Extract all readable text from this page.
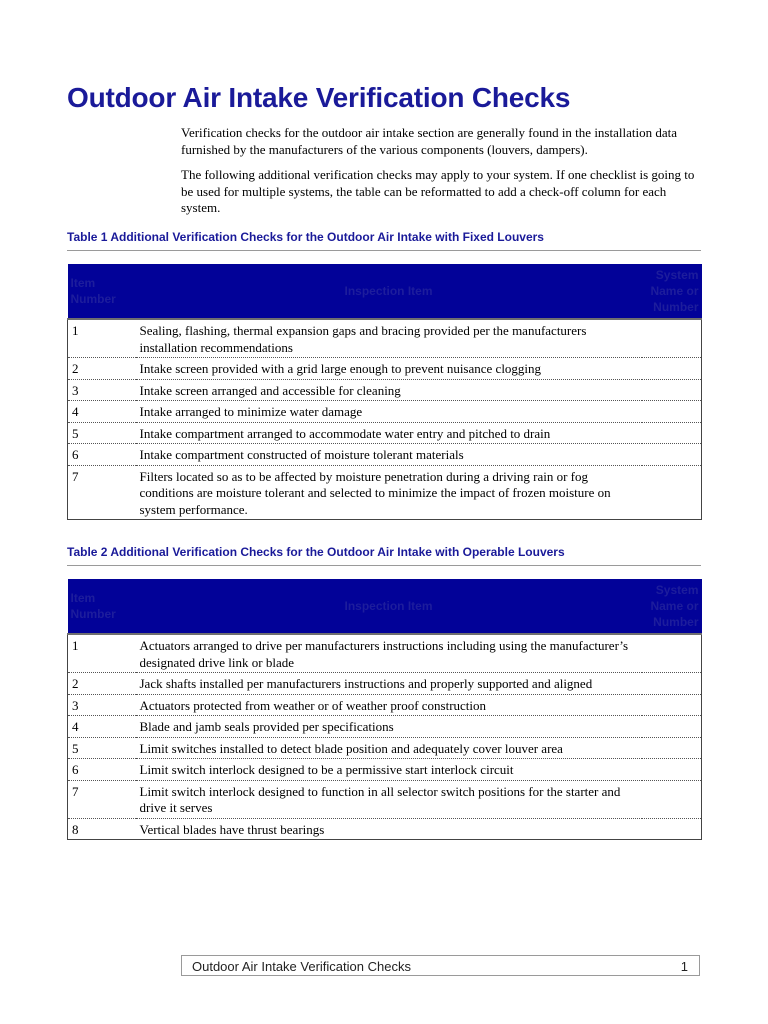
Outdoor Air Intake Verification Checks

Verification checks for the outdoor air intake section are generally found in the installation data furnished by the manufacturers of the various components (louvers, dampers).

The following additional verification checks may apply to your system. If one checklist is going to be used for multiple systems, the table can be reformatted to add a check-off column for each system.

Table 1 Additional Verification Checks for the Outdoor Air Intake with Fixed Louvers
Item Number	Inspection Item	System Name or Number
1	Sealing, flashing, thermal expansion gaps and bracing provided per the manufacturers installation recommendations	
2	Intake screen provided with a grid large enough to prevent nuisance clogging	
3	Intake screen arranged and accessible for cleaning	
4	Intake arranged to minimize water damage	
5	Intake compartment arranged to accommodate water entry and pitched to drain	
6	Intake compartment constructed of moisture tolerant materials	
7	Filters located so as to be affected by moisture penetration during a driving rain or fog conditions are moisture tolerant and selected to minimize the impact of frozen moisture on system performance.	
Table 2 Additional Verification Checks for the Outdoor Air Intake with Operable Louvers
Item Number	Inspection Item	System Name or Number
1	Actuators arranged to drive per manufacturers instructions including using the manufacturer’s designated drive link or blade	
2	Jack shafts installed per manufacturers instructions and properly supported and aligned	
3	Actuators protected from weather or of weather proof construction	
4	Blade and jamb seals provided per specifications	
5	Limit switches installed to detect blade position and adequately cover louver area	
6	Limit switch interlock designed to be a permissive start interlock circuit	
7	Limit switch interlock designed to function in all selector switch positions for the starter and drive it serves	
8	Vertical blades have thrust bearings	
Outdoor Air Intake Verification Checks	1
